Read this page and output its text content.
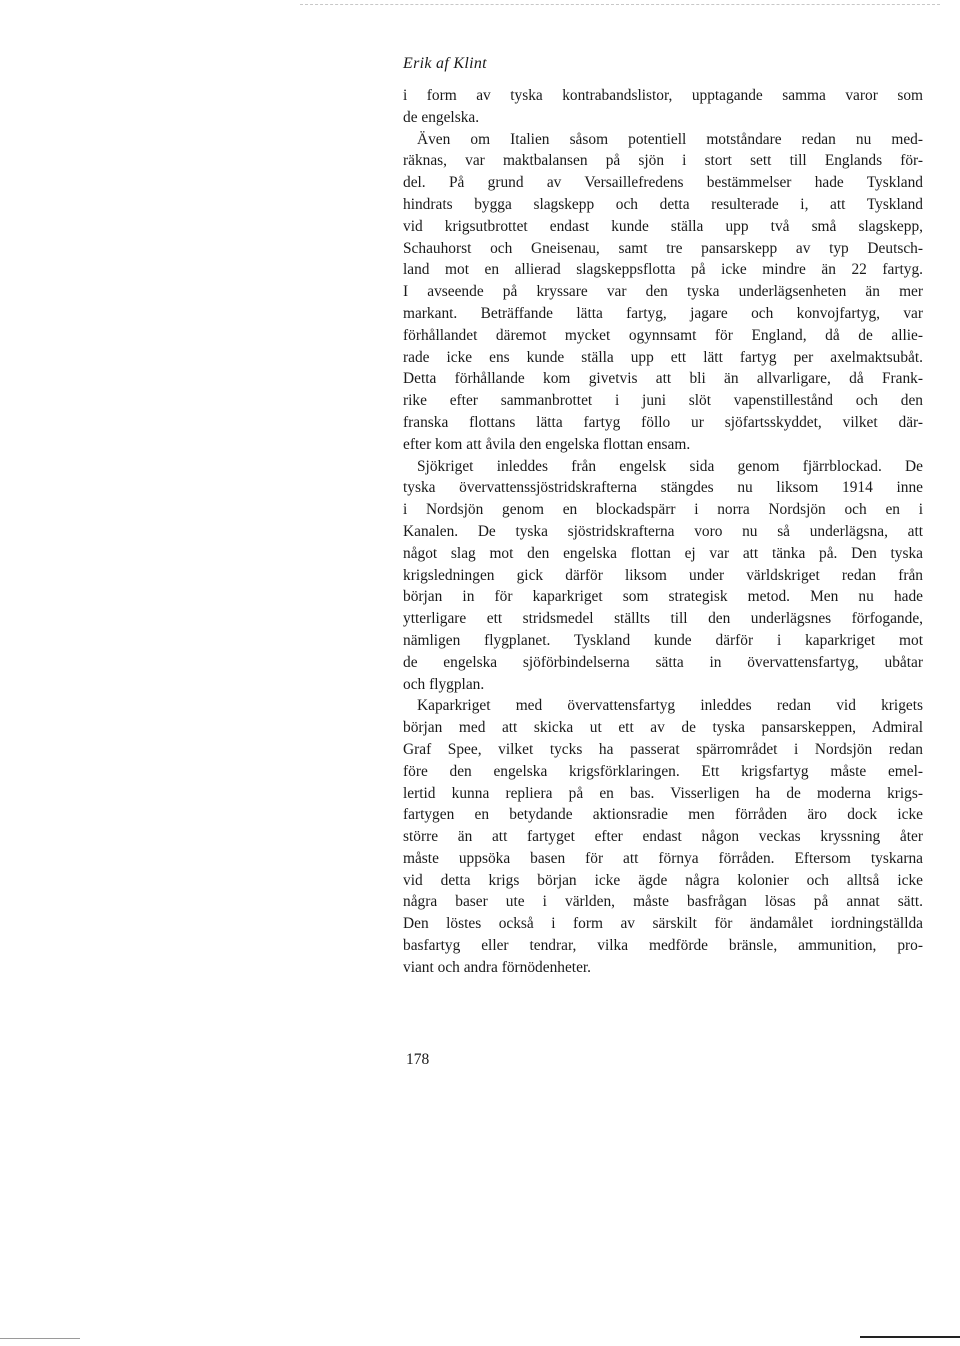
Erik af Klint
i form av tyska kontrabandslistor, upptagande samma varor som
de engelska.
Även om Italien såsom potentiell motståndare redan nu med-
räknas, var maktbalansen på sjön i stort sett till Englands för-
del. På grund av Versaillefredens bestämmelser hade Tyskland
hindrats bygga slagskepp och detta resulterade i, att Tyskland
vid krigsutbrottet endast kunde ställa upp två små slagskepp,
Schauhorst och Gneisenau, samt tre pansarskepp av typ Deutsch-
land mot en allierad slagskeppsflotta på icke mindre än 22 fartyg.
I avseende på kryssare var den tyska underlägsenheten än mer
markant. Beträffande lätta fartyg, jagare och konvojfartyg, var
förhållandet däremot mycket ogynnsamt för England, då de allie-
rade icke ens kunde ställa upp ett lätt fartyg per axelmaktsubåt.
Detta förhållande kom givetvis att bli än allvarligare, då Frank-
rike efter sammanbrottet i juni slöt vapenstillestånd och den
franska flottans lätta fartyg föllo ur sjöfartsskyddet, vilket där-
efter kom att åvila den engelska flottan ensam.
Sjökriget inleddes från engelsk sida genom fjärrblockad. De
tyska övervattenssjöstridskrafterna stängdes nu liksom 1914 inne
i Nordsjön genom en blockadspärr i norra Nordsjön och en i
Kanalen. De tyska sjöstridskrafterna voro nu så underlägsna, att
något slag mot den engelska flottan ej var att tänka på. Den tyska
krigsledningen gick därför liksom under världskriget redan från
början in för kaparkriget som strategisk metod. Men nu hade
ytterligare ett stridsmedel ställts till den underlägsnes förfogande,
nämligen flygplanet. Tyskland kunde därför i kaparkriget mot
de engelska sjöförbindelserna sätta in övervattensfartyg, ubåtar
och flygplan.
Kaparkriget med övervattensfartyg inleddes redan vid krigets
början med att skicka ut ett av de tyska pansarskeppen, Admiral
Graf Spee, vilket tycks ha passerat spärrområdet i Nordsjön redan
före den engelska krigsförklaringen. Ett krigsfartyg måste emel-
lertid kunna repliera på en bas. Visserligen ha de moderna krigs-
fartygen en betydande aktionsradie men förråden äro dock icke
större än att fartyget efter endast någon veckas kryssning åter
måste uppsöka basen för att förnya förråden. Eftersom tyskarna
vid detta krigs början icke ägde några kolonier och alltså icke
några baser ute i världen, måste basfrågan lösas på annat sätt.
Den löstes också i form av särskilt för ändamålet iordningställda
basfartyg eller tendrar, vilka medförde bränsle, ammunition, pro-
viant och andra förnödenheter.
178
